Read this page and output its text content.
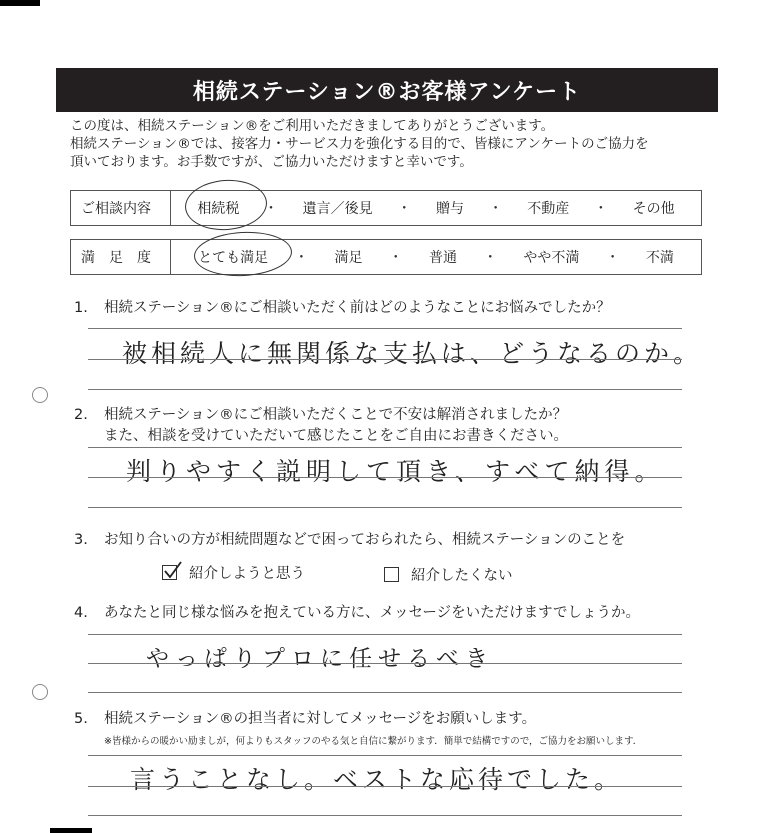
相続ステーション®お客様アンケート
この度は、相続ステーション®をご利用いただきましてありがとうございます。
相続ステーション®では、接客力・サービス力を強化する目的で、皆様にアンケートのご協力を
頂いております。お手数ですが、ご協力いただけますと幸いです。
ご相談内容	相続税 ・ 遺言／後見 ・ 贈与 ・ 不動産 ・ その他
満　足　度	とても満足 ・ 満足 ・ 普通 ・ やや不満 ・ 不満
1. 相続ステーション®にご相談いただく前はどのようなことにお悩みでしたか？
被相続人に無関係な支払は、どうなるのか。
2. 相続ステーション®にご相談いただくことで不安は解消されましたか？
また、相談を受けていただいて感じたことをご自由にお書きください。
判りやすく説明して頂き、すべて納得。
3. お知り合いの方が相続問題などで困っておられたら、相続ステーションのことを
紹介しようと思う	紹介したくない
4. あなたと同じ様な悩みを抱えている方に、メッセージをいただけますでしょうか。
やっぱりプロに任せるべき
5. 相続ステーション®の担当者に対してメッセージをお願いします。
※皆様からの暖かい励ましが，何よりもスタッフのやる気と自信に繋がります．簡単で結構ですので，ご協力をお願いします．
言うことなし。ベストな応待でした。
